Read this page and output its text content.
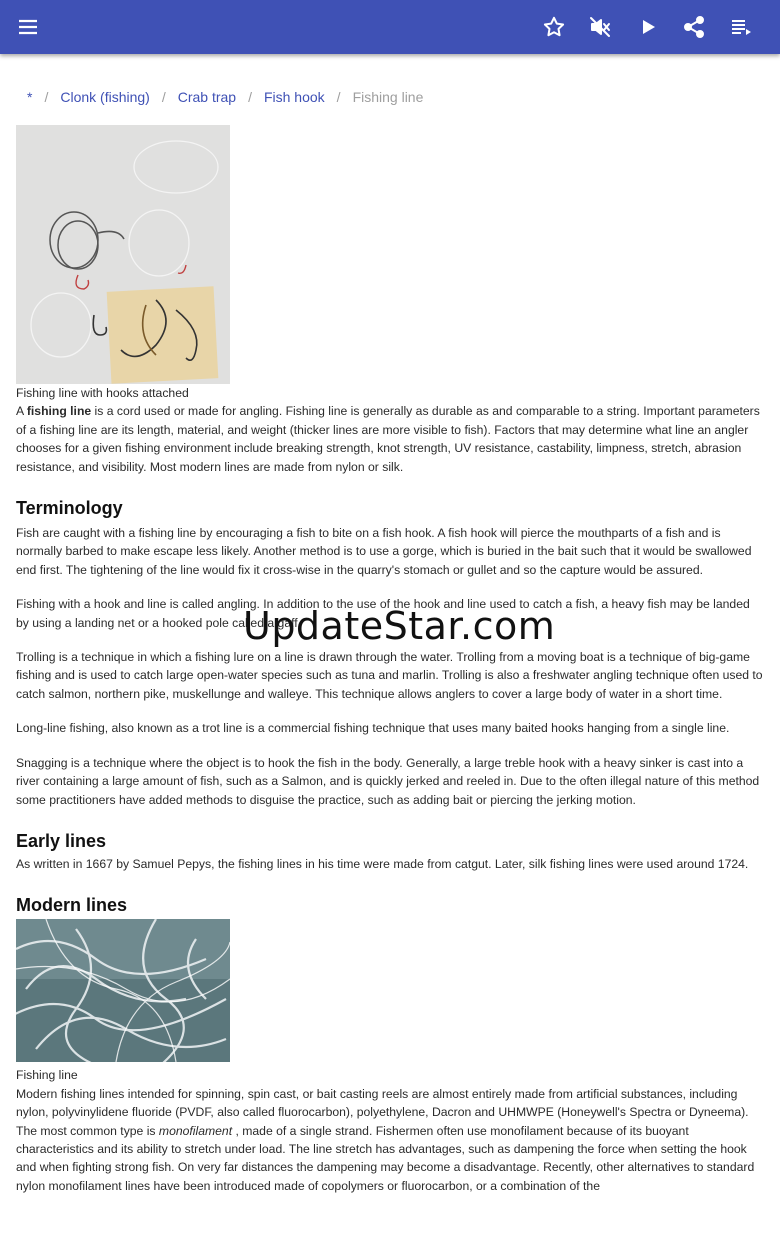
* / Clonk (fishing) / Crab trap / Fish hook / Fishing line
UpdateStar.com

Fishing line with hooks attached

A fishing line is a cord used or made for angling. Fishing line is generally as durable as and comparable to a string. Important parameters of a fishing line are its length, material, and weight (thicker lines are more visible to fish). Factors that may determine what line an angler chooses for a given fishing environment include breaking strength, knot strength, UV resistance, castability, limpness, stretch, abrasion resistance, and visibility. Most modern lines are made from nylon or silk.

Terminology

Fish are caught with a fishing line by encouraging a fish to bite on a fish hook. A fish hook will pierce the mouthparts of a fish and is normally barbed to make escape less likely. Another method is to use a gorge, which is buried in the bait such that it would be swallowed end first. The tightening of the line would fix it cross-wise in the quarry's stomach or gullet and so the capture would be assured.

Fishing with a hook and line is called angling. In addition to the use of the hook and line used to catch a fish, a heavy fish may be landed by using a landing net or a hooked pole called a gaff.

Trolling is a technique in which a fishing lure on a line is drawn through the water. Trolling from a moving boat is a technique of big-game fishing and is used to catch large open-water species such as tuna and marlin. Trolling is also a freshwater angling technique often used to catch salmon, northern pike, muskellunge and walleye. This technique allows anglers to cover a large body of water in a short time.

Long-line fishing, also known as a trot line is a commercial fishing technique that uses many baited hooks hanging from a single line.

Snagging is a technique where the object is to hook the fish in the body. Generally, a large treble hook with a heavy sinker is cast into a river containing a large amount of fish, such as a Salmon, and is quickly jerked and reeled in. Due to the often illegal nature of this method some practitioners have added methods to disguise the practice, such as adding bait or piercing the jerking motion.

Early lines

As written in 1667 by Samuel Pepys, the fishing lines in his time were made from catgut. Later, silk fishing lines were used around 1724.

Modern lines

Fishing line

Modern fishing lines intended for spinning, spin cast, or bait casting reels are almost entirely made from artificial substances, including nylon, polyvinylidene fluoride (PVDF, also called fluorocarbon), polyethylene, Dacron and UHMWPE (Honeywell's Spectra or Dyneema). The most common type is monofilament , made of a single strand. Fishermen often use monofilament because of its buoyant characteristics and its ability to stretch under load. The line stretch has advantages, such as dampening the force when setting the hook and when fighting strong fish. On very far distances the dampening may become a disadvantage. Recently, other alternatives to standard nylon monofilament lines have been introduced made of copolymers or fluorocarbon, or a combination of the
